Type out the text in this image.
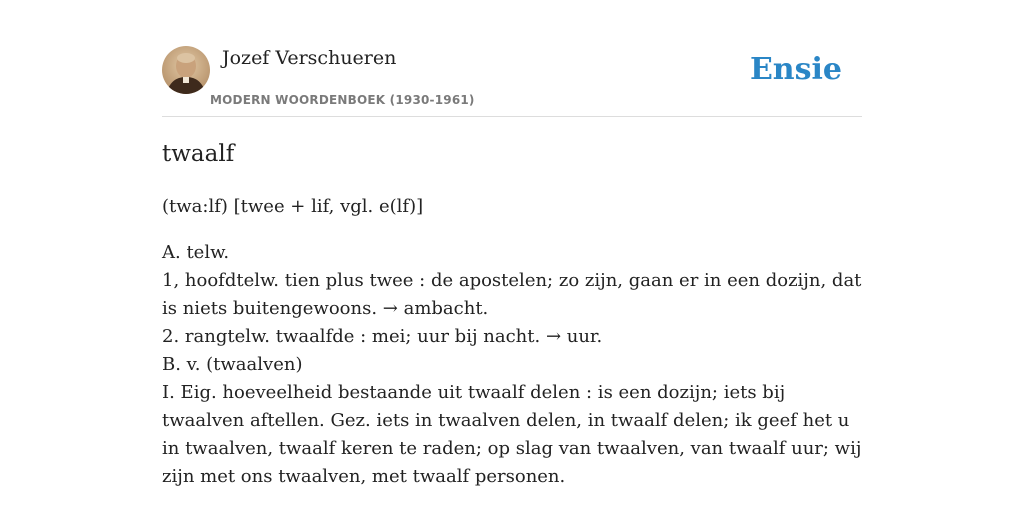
Jozef Verschueren
MODERN WOORDENBOEK (1930-1961)
Ensie
twaalf
(twa:lf) [twee + lif, vgl. e(lf)]
A. telw.
1, hoofdtelw. tien plus twee : de apostelen; zo zijn, gaan er in een dozijn, dat is niets buitengewoons. → ambacht.
2. rangtelw. twaalfde : mei; uur bij nacht. → uur.
B. v. (twaalven)
I. Eig. hoeveelheid bestaande uit twaalf delen : is een dozijn; iets bij twaalven aftellen. Gez. iets in twaalven delen, in twaalf delen; ik geef het u in twaalven, twaalf keren te raden; op slag van twaalven, van twaalf uur; wij zijn met ons twaalven, met twaalf personen.
